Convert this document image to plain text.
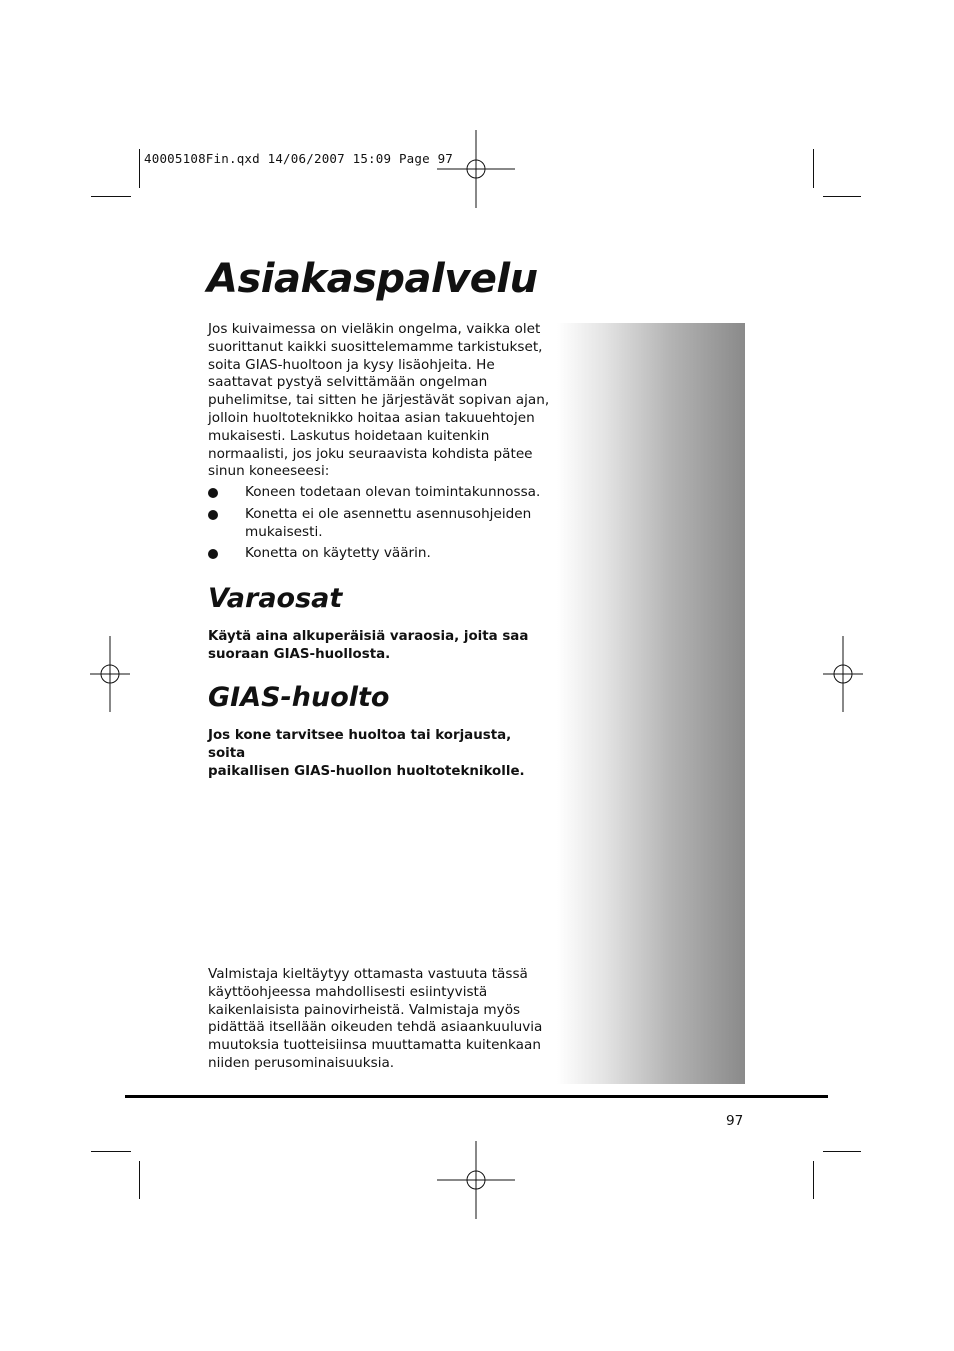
40005108Fin.qxd 14/06/2007 15:09 Page 97
Asiakaspalvelu
Jos kuivaimessa on vieläkin ongelma, vaikka olet
suorittanut kaikki suosittelemamme tarkistukset,
soita GIAS-huoltoon ja kysy lisäohjeita. He
saattavat pystyä selvittämään ongelman
puhelimitse, tai sitten he järjestävät sopivan ajan,
jolloin huoltoteknikko hoitaa asian takuuehtojen
mukaisesti. Laskutus hoidetaan kuitenkin
normaalisti, jos joku seuraavista kohdista pätee
sinun koneeseesi:
Koneen todetaan olevan toimintakunnossa.
Konetta ei ole asennettu asennusohjeiden
mukaisesti.
Konetta on käytetty väärin.
Varaosat
Käytä aina alkuperäisiä varaosia, joita saa
suoraan GIAS-huollosta.
GIAS-huolto
Jos kone tarvitsee huoltoa tai korjausta, soita
paikallisen GIAS-huollon huoltoteknikolle.
Valmistaja kieltäytyy ottamasta vastuuta tässä
käyttöohjeessa mahdollisesti esiintyvistä
kaikenlaisista painovirheistä. Valmistaja myös
pidättää itsellään oikeuden tehdä asiaankuuluvia
muutoksia tuotteisiinsa muuttamatta kuitenkaan
niiden perusominaisuuksia.
97
